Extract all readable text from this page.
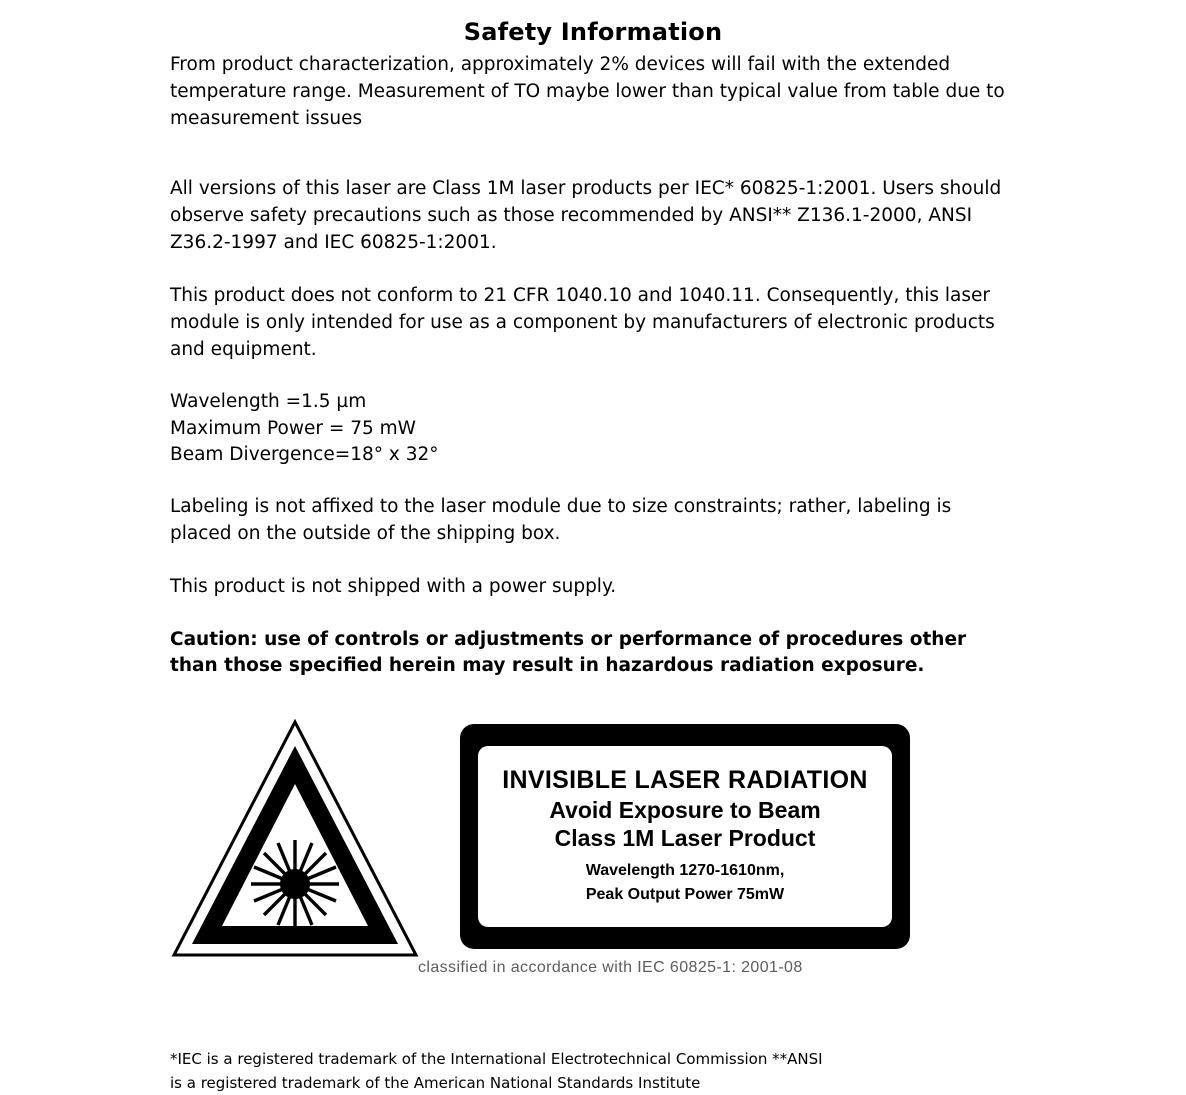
Safety Information
From product characterization, approximately 2% devices will fail with the extended temperature range. Measurement of TO maybe lower than typical value from table due to measurement issues
All versions of this laser are Class 1M laser products per IEC* 60825-1:2001. Users should observe safety precautions such as those recommended by ANSI** Z136.1-2000, ANSI Z36.2-1997 and IEC 60825-1:2001.
This product does not conform to 21 CFR 1040.10 and 1040.11. Consequently, this laser module is only intended for use as a component by manufacturers of electronic products and equipment.
Wavelength =1.5 µm
Maximum Power = 75 mW
Beam Divergence=18° x 32°
Labeling is not affixed to the laser module due to size constraints; rather, labeling is placed on the outside of the shipping box.
This product is not shipped with a power supply.
Caution: use of controls or adjustments or performance of procedures other than those specified herein may result in hazardous radiation exposure.
INVISIBLE LASER RADIATION
Avoid Exposure to Beam
Class 1M Laser Product
Wavelength 1270-1610nm,
Peak Output Power 75mW
classified in accordance with IEC 60825-1: 2001-08
*IEC is a registered trademark of the International Electrotechnical Commission **ANSI
is a registered trademark of the American National Standards Institute
